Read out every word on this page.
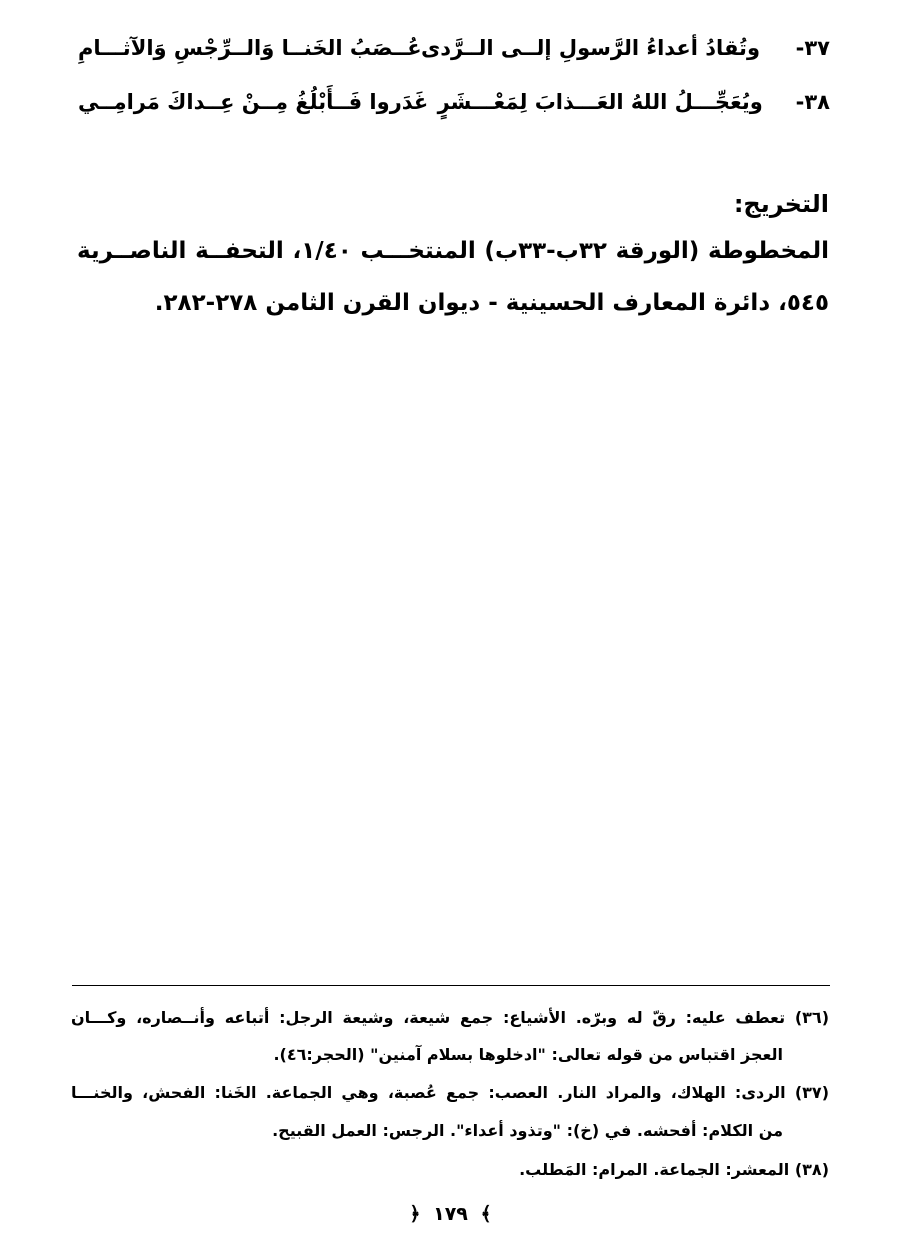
٣٧-
وتُقادُ أعداءُ الرَّسولِ إلــى الــرَّدى
عُــصَبُ الخَنــا وَالــرِّجْسِ وَالآثـــامِ
٣٨-
ويُعَجِّـــلُ اللهُ العَـــذابَ لِمَعْـــشَرٍ
غَدَروا فَــأَبْلُغُ مِــنْ عِــداكَ مَرامِــي
التخريج:
المخطوطة (الورقة ٣٢ب-٣٣ب) المنتخـــب ١/٤٠، التحفــة الناصــرية
٥٤٥، دائرة المعارف الحسينية - ديوان القرن الثامن ٢٧٨-٢٨٢.
(٣٦) تعطف عليه: رقّ له وبرّه. الأشياع: جمع شيعة، وشيعة الرجل: أتباعه وأنــصاره، وكـــان
العجز اقتباس من قوله تعالى: "ادخلوها بسلام آمنين" (الحجر:٤٦).
(٣٧) الردى: الهلاك، والمراد النار. العصب: جمع عُصبة، وهي الجماعة. الخَنا: الفحش، والخنـــا
من الكلام: أفحشه. في (خ): "وتذود أعداء". الرجس: العمل القبيح.
(٣٨) المعشر: الجماعة. المرام: المَطلب.
﴾ ١٧٩ ﴿
